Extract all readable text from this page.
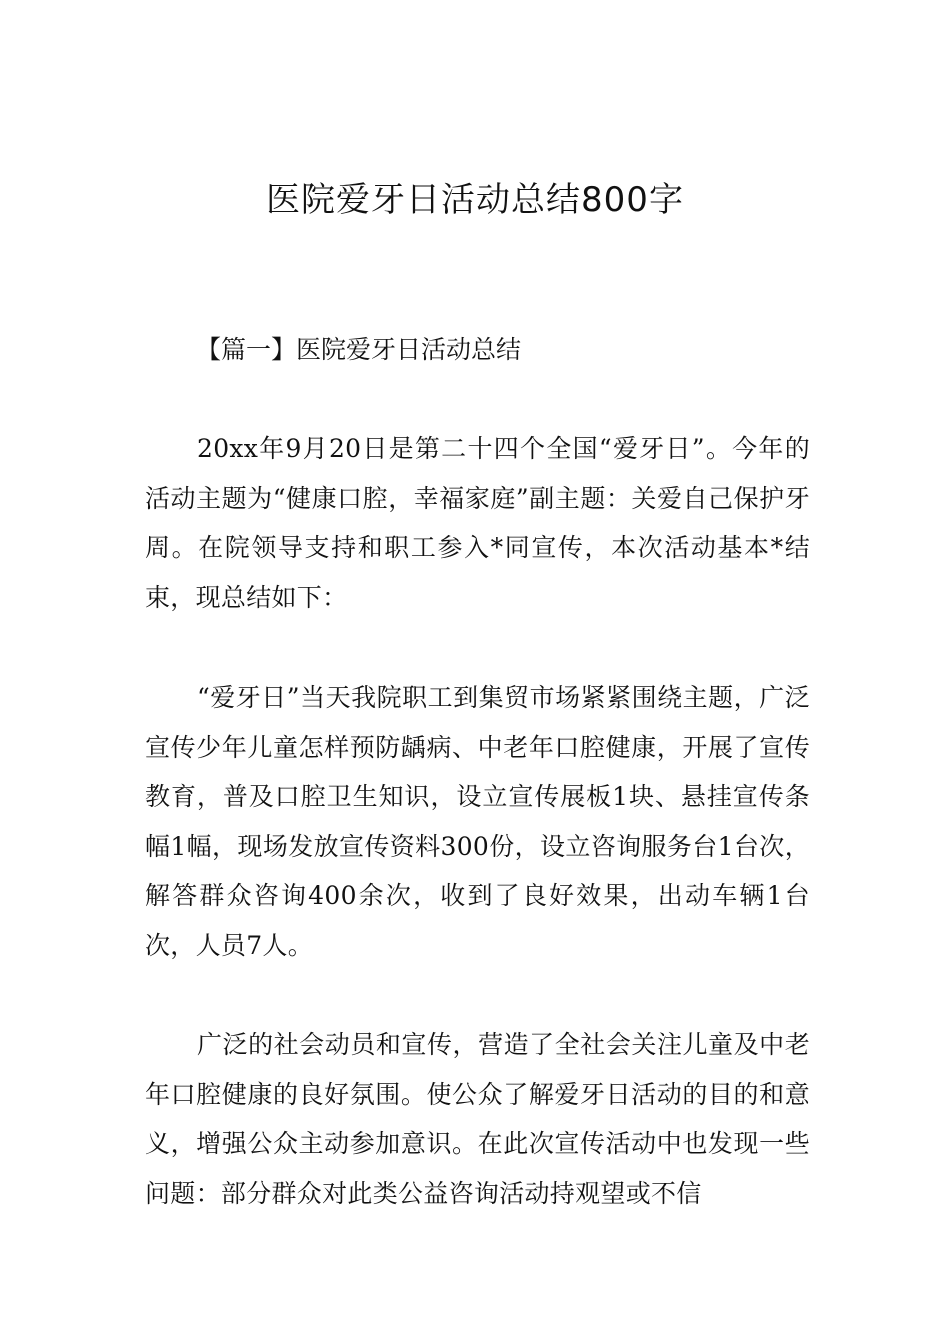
医院爱牙日活动总结800字
【篇一】医院爱牙日活动总结

20xx年9月20日是第二十四个全国“爱牙日”。今年的活动主题为“健康口腔，幸福家庭”副主题：关爱自己保护牙周。在院领导支持和职工参入*同宣传，本次活动基本*结束，现总结如下：

“爱牙日”当天我院职工到集贸市场紧紧围绕主题，广泛宣传少年儿童怎样预防龋病、中老年口腔健康，开展了宣传教育，普及口腔卫生知识，设立宣传展板1块、悬挂宣传条幅1幅，现场发放宣传资料300份，设立咨询服务台1台次，解答群众咨询400余次，收到了良好效果，出动车辆1台次，人员7人。

广泛的社会动员和宣传，营造了全社会关注儿童及中老年口腔健康的良好氛围。使公众了解爱牙日活动的目的和意义，增强公众主动参加意识。在此次宣传活动中也发现一些问题：部分群众对此类公益咨询活动持观望或不信
